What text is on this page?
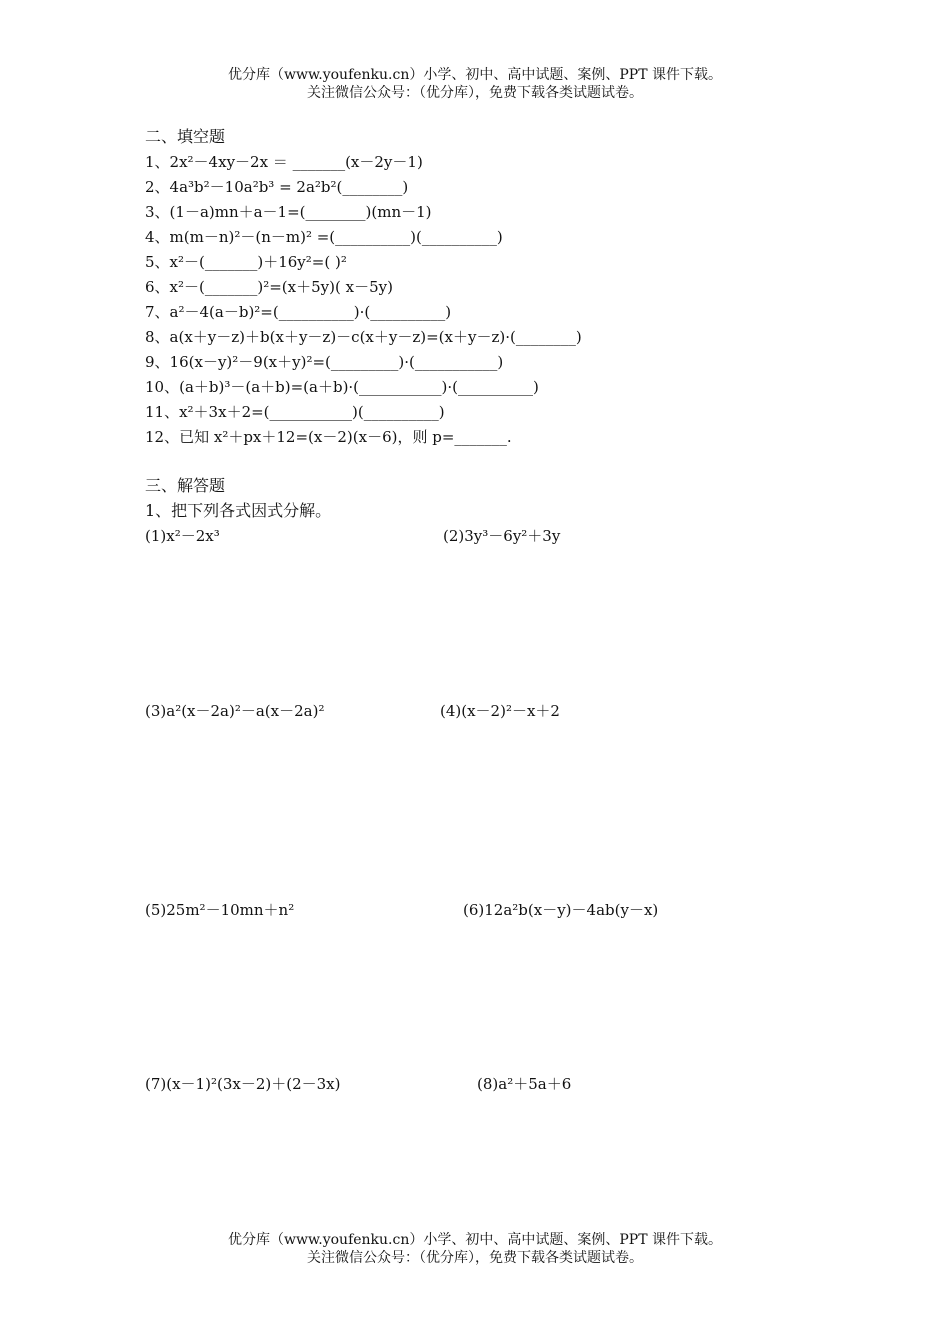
优分库（www.youfenku.cn）小学、初中、高中试题、案例、PPT 课件下载。
关注微信公众号：（优分库），免费下载各类试题试卷。
二、填空题
1、2x²－4xy－2x ＝ _______(x－2y－1)
2、4a³b²－10a²b³ = 2a²b²(________)
3、(1－a)mn＋a－1=(________)(mn－1)
4、m(m－n)²－(n－m)² =(__________)(__________)
5、x²－(_______)＋16y²=( )²
6、x²－(_______)²=(x＋5y)( x－5y)
7、a²－4(a－b)²=(__________)·(__________)
8、a(x＋y－z)＋b(x＋y－z)－c(x＋y－z)=(x＋y－z)·(________)
9、16(x－y)²－9(x＋y)²=(_________)·(___________)
10、(a＋b)³－(a＋b)=(a＋b)·(___________)·(__________)
11、x²＋3x＋2=(___________)(__________)
12、已知 x²＋px＋12=(x－2)(x－6)，则 p=_______.
三、解答题
1、把下列各式因式分解。
(1)x²－2x³	(2)3y³－6y²＋3y
(3)a²(x－2a)²－a(x－2a)²	(4)(x－2)²－x＋2
(5)25m²－10mn＋n²	(6)12a²b(x－y)－4ab(y－x)
(7)(x－1)²(3x－2)＋(2－3x)	(8)a²＋5a＋6
优分库（www.youfenku.cn）小学、初中、高中试题、案例、PPT 课件下载。
关注微信公众号：（优分库），免费下载各类试题试卷。
